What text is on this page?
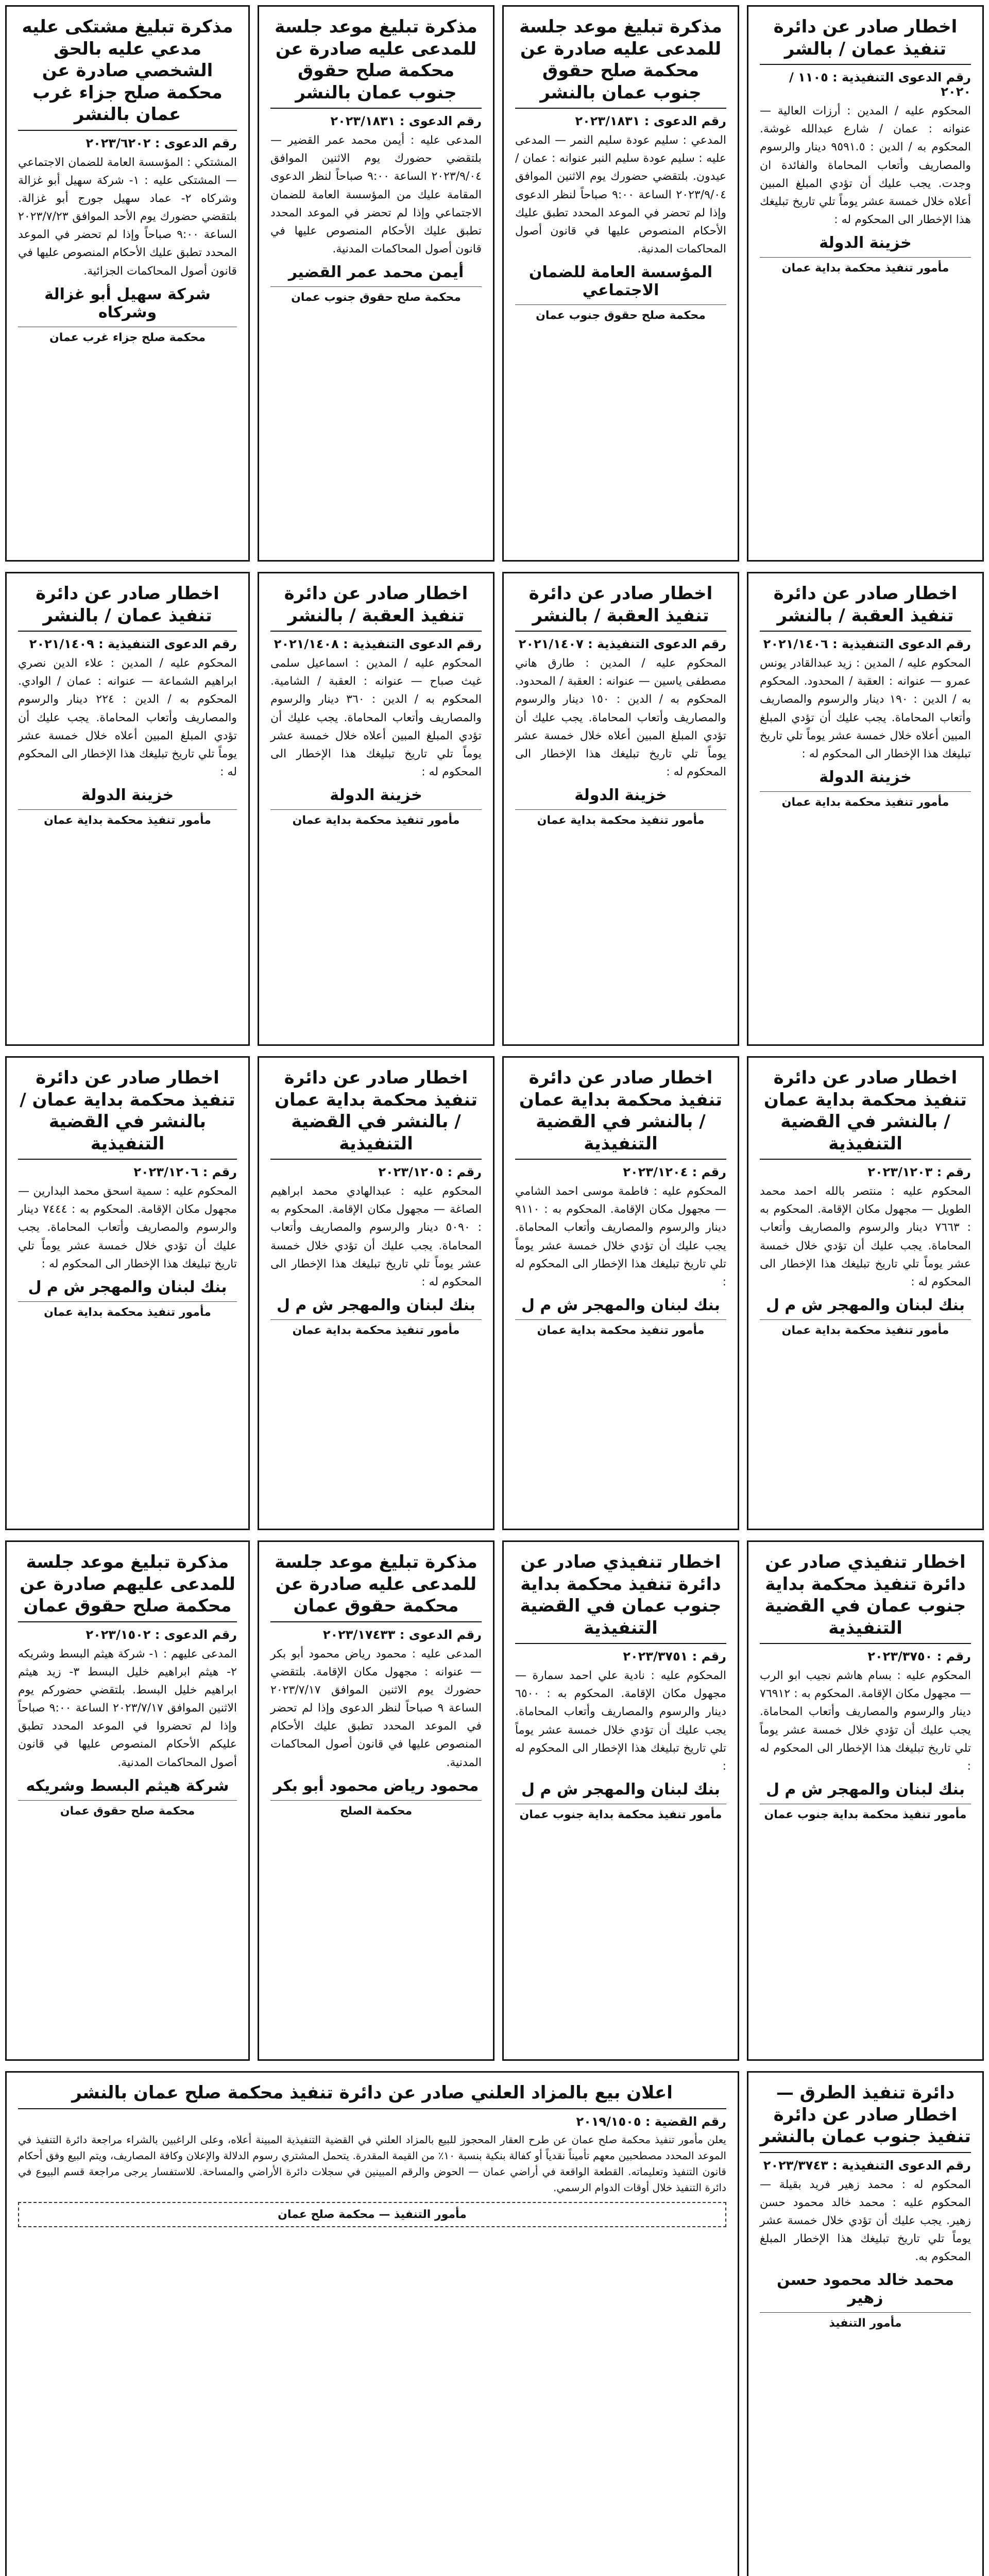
اخطار صادر عن دائرة تنفيذ عمان / بالشر
رقم الدعوى التنفيذية : ١١٠٥ / ٢٠٢٠
المحكوم عليه / المدين : أرزات العالية — عنوانه : عمان / شارع عبدالله غوشة. المحكوم به / الدين : ٩٥٩١.٥ دينار والرسوم والمصاريف وأتعاب المحاماة والفائدة ان وجدت. يجب عليك أن تؤدي المبلغ المبين أعلاه خلال خمسة عشر يوماً تلي تاريخ تبليغك هذا الإخطار الى المحكوم له :
خزينة الدولة
مأمور تنفيذ محكمة بداية عمان
مذكرة تبليغ موعد جلسة للمدعى عليه صادرة عن محكمة صلح حقوق جنوب عمان بالنشر
رقم الدعوى : ٢٠٢٣/١٨٣١
المدعي : سليم عودة سليم النمر — المدعى عليه : سليم عودة سليم النبر عنوانه : عمان / عيدون. بلتقضي حضورك يوم الاثنين الموافق ٢٠٢٣/٩/٠٤ الساعة ٩:٠٠ صباحاً لنظر الدعوى وإذا لم تحضر في الموعد المحدد تطبق عليك الأحكام المنصوص عليها في قانون أصول المحاكمات المدنية.
المؤسسة العامة للضمان الاجتماعي
محكمة صلح حقوق جنوب عمان
مذكرة تبليغ موعد جلسة للمدعى عليه صادرة عن محكمة صلح حقوق جنوب عمان بالنشر
رقم الدعوى : ٢٠٢٣/١٨٣١
المدعى عليه : أيمن محمد عمر القضير — بلتقضي حضورك يوم الاثنين الموافق ٢٠٢٣/٩/٠٤ الساعة ٩:٠٠ صباحاً لنظر الدعوى المقامة عليك من المؤسسة العامة للضمان الاجتماعي وإذا لم تحضر في الموعد المحدد تطبق عليك الأحكام المنصوص عليها في قانون أصول المحاكمات المدنية.
أيمن محمد عمر القضير
محكمة صلح حقوق جنوب عمان
مذكرة تبليغ مشتكى عليه مدعي عليه بالحق الشخصي صادرة عن محكمة صلح جزاء غرب عمان بالنشر
رقم الدعوى : ٢٠٢٣/٦٢٠٢
المشتكي : المؤسسة العامة للضمان الاجتماعي — المشتكى عليه : ١- شركة سهيل أبو غزالة وشركاه ٢- عماد سهيل جورج أبو غزالة. بلتقضي حضورك يوم الأحد الموافق ٢٠٢٣/٧/٢٣ الساعة ٩:٠٠ صباحاً وإذا لم تحضر في الموعد المحدد تطبق عليك الأحكام المنصوص عليها في قانون أصول المحاكمات الجزائية.
شركة سهيل أبو غزالة وشركاه
محكمة صلح جزاء غرب عمان
اخطار صادر عن دائرة تنفيذ العقبة / بالنشر
رقم الدعوى التنفيذية : ٢٠٢١/١٤٠٦
المحكوم عليه / المدين : زيد عبدالقادر يونس عمرو — عنوانه : العقبة / المحدود. المحكوم به / الدين : ١٩٠ دينار والرسوم والمصاريف وأتعاب المحاماة. يجب عليك أن تؤدي المبلغ المبين أعلاه خلال خمسة عشر يوماً تلي تاريخ تبليغك هذا الإخطار الى المحكوم له :
خزينة الدولة
مأمور تنفيذ محكمة بداية عمان
اخطار صادر عن دائرة تنفيذ العقبة / بالنشر
رقم الدعوى التنفيذية : ٢٠٢١/١٤٠٧
المحكوم عليه / المدين : طارق هاني مصطفى ياسين — عنوانه : العقبة / المحدود. المحكوم به / الدين : ١٥٠ دينار والرسوم والمصاريف وأتعاب المحاماة. يجب عليك أن تؤدي المبلغ المبين أعلاه خلال خمسة عشر يوماً تلي تاريخ تبليغك هذا الإخطار الى المحكوم له :
خزينة الدولة
مأمور تنفيذ محكمة بداية عمان
اخطار صادر عن دائرة تنفيذ العقبة / بالنشر
رقم الدعوى التنفيذية : ٢٠٢١/١٤٠٨
المحكوم عليه / المدين : اسماعيل سلمى غيث صباح — عنوانه : العقبة / الشامية. المحكوم به / الدين : ٣٦٠ دينار والرسوم والمصاريف وأتعاب المحاماة. يجب عليك أن تؤدي المبلغ المبين أعلاه خلال خمسة عشر يوماً تلي تاريخ تبليغك هذا الإخطار الى المحكوم له :
خزينة الدولة
مأمور تنفيذ محكمة بداية عمان
اخطار صادر عن دائرة تنفيذ عمان / بالنشر
رقم الدعوى التنفيذية : ٢٠٢١/١٤٠٩
المحكوم عليه / المدين : علاء الدين نصري ابراهيم الشماعة — عنوانه : عمان / الوادي. المحكوم به / الدين : ٢٢٤ دينار والرسوم والمصاريف وأتعاب المحاماة. يجب عليك أن تؤدي المبلغ المبين أعلاه خلال خمسة عشر يوماً تلي تاريخ تبليغك هذا الإخطار الى المحكوم له :
خزينة الدولة
مأمور تنفيذ محكمة بداية عمان
اخطار صادر عن دائرة تنفيذ محكمة بداية عمان / بالنشر في القضية التنفيذية
رقم : ٢٠٢٣/١٢٠٣
المحكوم عليه : منتصر بالله احمد محمد الطويل — مجهول مكان الإقامة. المحكوم به : ٧٦٦٣ دينار والرسوم والمصاريف وأتعاب المحاماة. يجب عليك أن تؤدي خلال خمسة عشر يوماً تلي تاريخ تبليغك هذا الإخطار الى المحكوم له :
بنك لبنان والمهجر ش م ل
مأمور تنفيذ محكمة بداية عمان
اخطار صادر عن دائرة تنفيذ محكمة بداية عمان / بالنشر في القضية التنفيذية
رقم : ٢٠٢٣/١٢٠٤
المحكوم عليه : فاطمة موسى احمد الشامي — مجهول مكان الإقامة. المحكوم به : ٩١١٠ دينار والرسوم والمصاريف وأتعاب المحاماة. يجب عليك أن تؤدي خلال خمسة عشر يوماً تلي تاريخ تبليغك هذا الإخطار الى المحكوم له :
بنك لبنان والمهجر ش م ل
مأمور تنفيذ محكمة بداية عمان
اخطار صادر عن دائرة تنفيذ محكمة بداية عمان / بالنشر في القضية التنفيذية
رقم : ٢٠٢٣/١٢٠٥
المحكوم عليه : عبدالهادي محمد ابراهيم الصاغة — مجهول مكان الإقامة. المحكوم به : ٥٠٩٠ دينار والرسوم والمصاريف وأتعاب المحاماة. يجب عليك أن تؤدي خلال خمسة عشر يوماً تلي تاريخ تبليغك هذا الإخطار الى المحكوم له :
بنك لبنان والمهجر ش م ل
مأمور تنفيذ محكمة بداية عمان
اخطار صادر عن دائرة تنفيذ محكمة بداية عمان / بالنشر في القضية التنفيذية
رقم : ٢٠٢٣/١٢٠٦
المحكوم عليه : سمية اسحق محمد البدارين — مجهول مكان الإقامة. المحكوم به : ٧٤٤٤ دينار والرسوم والمصاريف وأتعاب المحاماة. يجب عليك أن تؤدي خلال خمسة عشر يوماً تلي تاريخ تبليغك هذا الإخطار الى المحكوم له :
بنك لبنان والمهجر ش م ل
مأمور تنفيذ محكمة بداية عمان
اخطار تنفيذي صادر عن دائرة تنفيذ محكمة بداية جنوب عمان في القضية التنفيذية
رقم : ٢٠٢٣/٣٧٥٠
المحكوم عليه : بسام هاشم نجيب ابو الرب — مجهول مكان الإقامة. المحكوم به : ٧٦٩١٢ دينار والرسوم والمصاريف وأتعاب المحاماة. يجب عليك أن تؤدي خلال خمسة عشر يوماً تلي تاريخ تبليغك هذا الإخطار الى المحكوم له :
بنك لبنان والمهجر ش م ل
مأمور تنفيذ محكمة بداية جنوب عمان
اخطار تنفيذي صادر عن دائرة تنفيذ محكمة بداية جنوب عمان في القضية التنفيذية
رقم : ٢٠٢٣/٣٧٥١
المحكوم عليه : نادية علي احمد سمارة — مجهول مكان الإقامة. المحكوم به : ٦٥٠٠ دينار والرسوم والمصاريف وأتعاب المحاماة. يجب عليك أن تؤدي خلال خمسة عشر يوماً تلي تاريخ تبليغك هذا الإخطار الى المحكوم له :
بنك لبنان والمهجر ش م ل
مأمور تنفيذ محكمة بداية جنوب عمان
مذكرة تبليغ موعد جلسة للمدعى عليه صادرة عن محكمة حقوق عمان
رقم الدعوى : ٢٠٢٣/١٧٤٣٣
المدعى عليه : محمود رياض محمود أبو بكر — عنوانه : مجهول مكان الإقامة. بلتقضي حضورك يوم الاثنين الموافق ٢٠٢٣/٧/١٧ الساعة ٩ صباحاً لنظر الدعوى وإذا لم تحضر في الموعد المحدد تطبق عليك الأحكام المنصوص عليها في قانون أصول المحاكمات المدنية.
محمود رياض محمود أبو بكر
محكمة الصلح
مذكرة تبليغ موعد جلسة للمدعى عليهم صادرة عن محكمة صلح حقوق عمان
رقم الدعوى : ٢٠٢٣/١٥٠٢
المدعى عليهم : ١- شركة هيثم البسط وشريكه ٢- هيثم ابراهيم خليل البسط ٣- زيد هيثم ابراهيم خليل البسط. بلتقضي حضوركم يوم الاثنين الموافق ٢٠٢٣/٧/١٧ الساعة ٩:٠٠ صباحاً وإذا لم تحضروا في الموعد المحدد تطبق عليكم الأحكام المنصوص عليها في قانون أصول المحاكمات المدنية.
شركة هيثم البسط وشريكه
محكمة صلح حقوق عمان
دائرة تنفيذ الطرق — اخطار صادر عن دائرة تنفيذ جنوب عمان بالنشر
رقم الدعوى التنفيذية : ٢٠٢٣/٣٧٤٣
المحكوم له : محمد زهير فريد بقيلة — المحكوم عليه : محمد خالد محمود حسن زهير. يجب عليك أن تؤدي خلال خمسة عشر يوماً تلي تاريخ تبليغك هذا الإخطار المبلغ المحكوم به.
محمد خالد محمود حسن زهير
مأمور التنفيذ
اعلان بيع بالمزاد العلني صادر عن دائرة تنفيذ محكمة صلح عمان بالنشر
رقم القضية : ٢٠١٩/١٥٠٥
يعلن مأمور تنفيذ محكمة صلح عمان عن طرح العقار المحجوز للبيع بالمزاد العلني في القضية التنفيذية المبينة أعلاه، وعلى الراغبين بالشراء مراجعة دائرة التنفيذ في الموعد المحدد مصطحبين معهم تأميناً نقدياً أو كفالة بنكية بنسبة ١٠٪ من القيمة المقدرة. يتحمل المشتري رسوم الدلالة والإعلان وكافة المصاريف، ويتم البيع وفق أحكام قانون التنفيذ وتعليماته. القطعة الواقعة في أراضي عمان — الحوض والرقم المبينين في سجلات دائرة الأراضي والمساحة. للاستفسار يرجى مراجعة قسم البيوع في دائرة التنفيذ خلال أوقات الدوام الرسمي.
مأمور التنفيذ — محكمة صلح عمان
